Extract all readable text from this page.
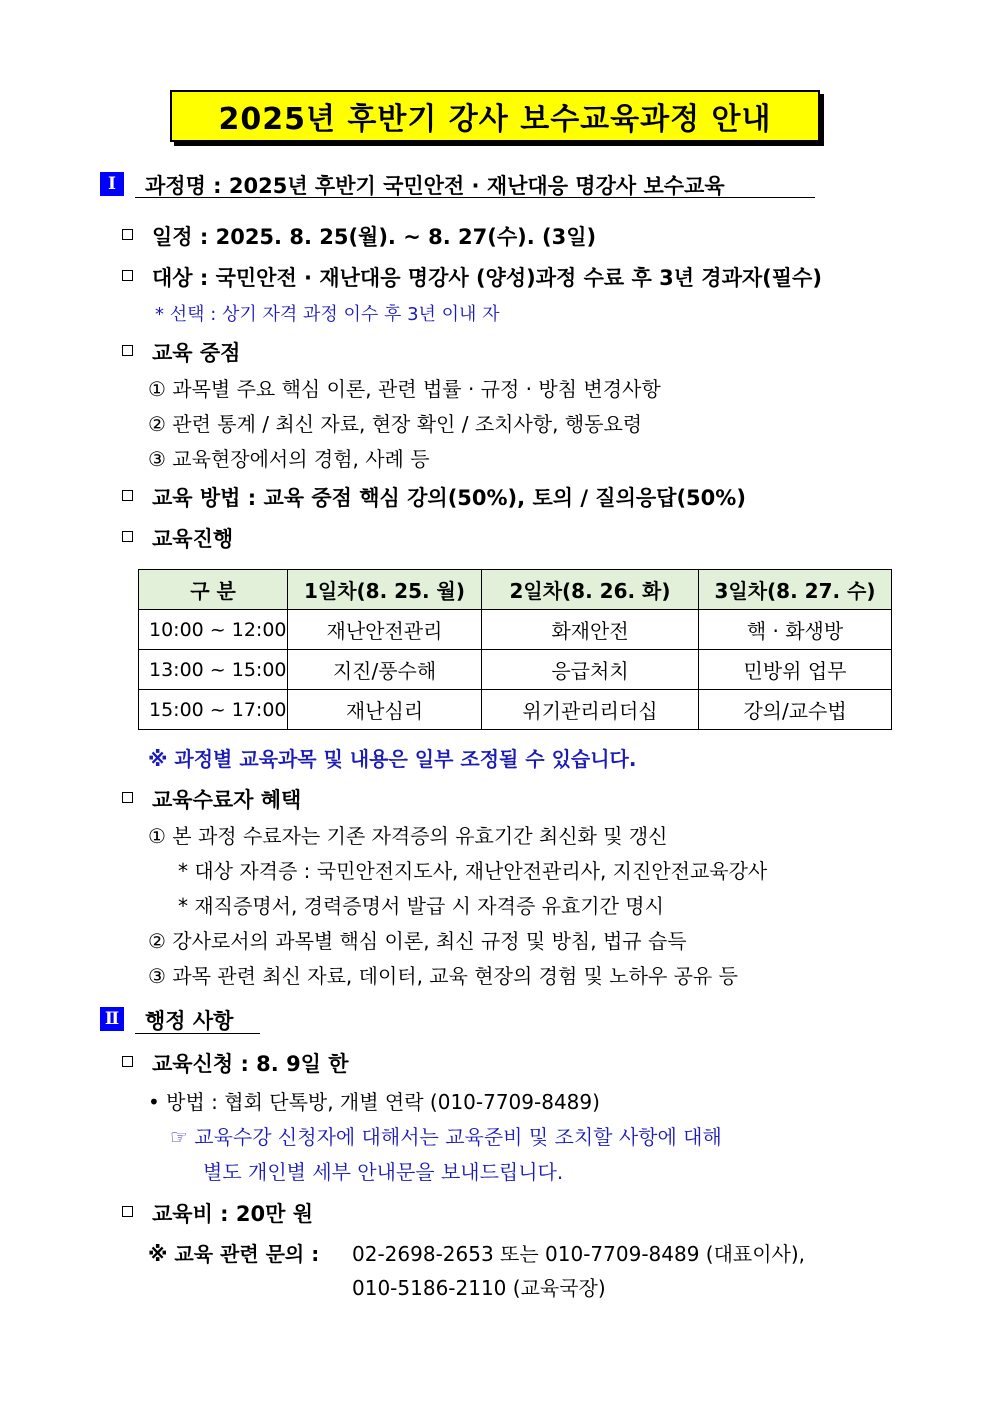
2025년 후반기 강사 보수교육과정 안내
Ⅰ	과정명 : 2025년 후반기 국민안전 · 재난대응 명강사 보수교육
일정 : 2025. 8. 25(월). ~ 8. 27(수). (3일)
대상 : 국민안전 · 재난대응 명강사 (양성)과정 수료 후 3년 경과자(필수)
* 선택 : 상기 자격 과정 이수 후 3년 이내 자
교육 중점
① 과목별 주요 핵심 이론, 관련 법률 · 규정 · 방침 변경사항
② 관련 통계 / 최신 자료, 현장 확인 / 조치사항, 행동요령
③ 교육현장에서의 경험, 사례 등
교육 방법 : 교육 중점 핵심 강의(50%), 토의 / 질의응답(50%)
교육진행
구 분	1일차(8. 25. 월)	2일차(8. 26. 화)	3일차(8. 27. 수)
10:00 ~ 12:00	재난안전관리	화재안전	핵 · 화생방
13:00 ~ 15:00	지진/풍수해	응급처치	민방위 업무
15:00 ~ 17:00	재난심리	위기관리리더십	강의/교수법
※ 과정별 교육과목 및 내용은 일부 조정될 수 있습니다.
교육수료자 혜택
① 본 과정 수료자는 기존 자격증의 유효기간 최신화 및 갱신
* 대상 자격증 : 국민안전지도사, 재난안전관리사, 지진안전교육강사
* 재직증명서, 경력증명서 발급 시 자격증 유효기간 명시
② 강사로서의 과목별 핵심 이론, 최신 규정 및 방침, 법규 습득
③ 과목 관련 최신 자료, 데이터, 교육 현장의 경험 및 노하우 공유 등
Ⅱ 행정 사항
교육신청 : 8. 9일 한
• 방법 : 협회 단톡방, 개별 연락 (010-7709-8489)
☞ 교육수강 신청자에 대해서는 교육준비 및 조치할 사항에 대해
별도 개인별 세부 안내문을 보내드립니다.
교육비 : 20만 원
※ 교육 관련 문의 : 02-2698-2653 또는 010-7709-8489 (대표이사),
010-5186-2110 (교육국장)
